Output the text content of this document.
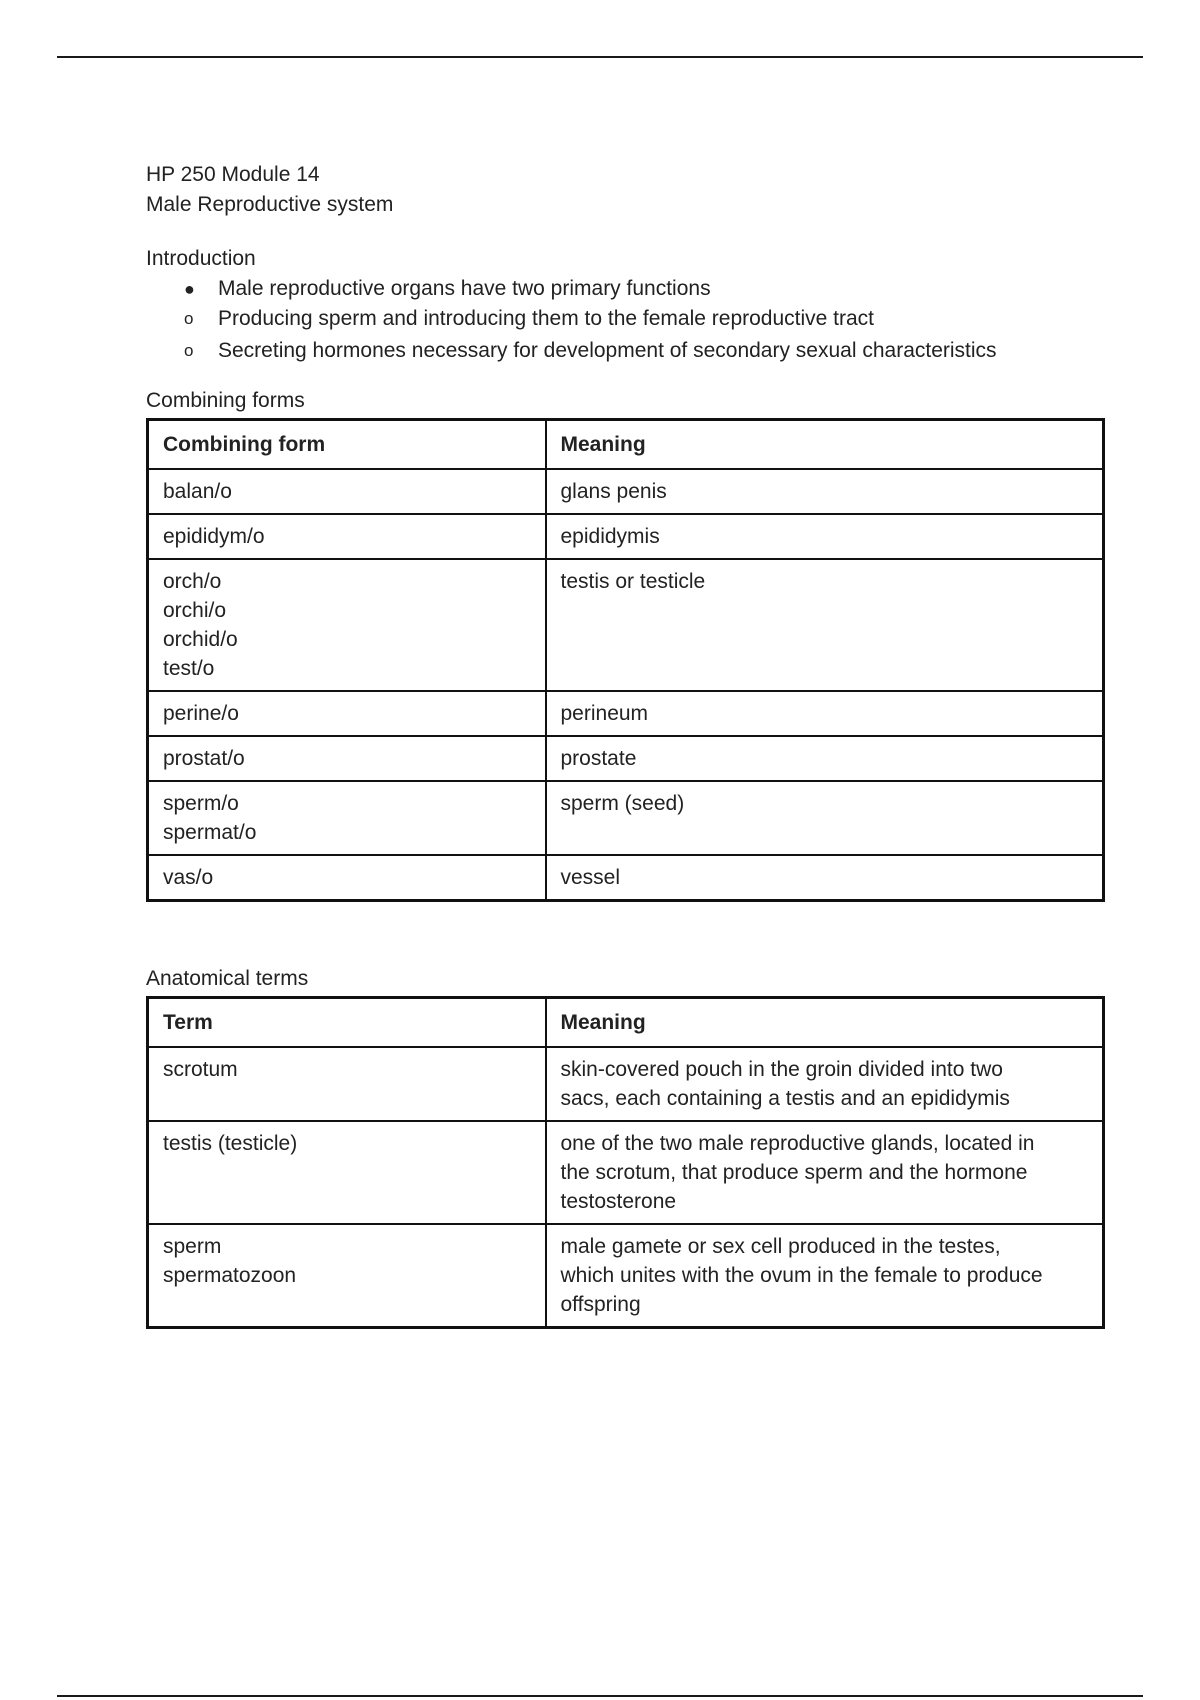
HP 250 Module 14

Male Reproductive system

Introduction

● Male reproductive organs have two primary functions
o Producing sperm and introducing them to the female reproductive tract
o Secreting hormones necessary for development of secondary sexual characteristics

Combining forms

Combining form	Meaning

balan/o	glans penis

epididym/o	epididymis

orch/o
orchi/o
orchid/o
test/o	testis or testicle

perine/o	perineum

prostat/o	prostate

sperm/o
spermat/o	sperm (seed)

vas/o	vessel

Anatomical terms

Term	Meaning

scrotum	skin-covered pouch in the groin divided into two
sacs, each containing a testis and an epididymis

testis (testicle)	one of the two male reproductive glands, located in
the scrotum, that produce sperm and the hormone
testosterone

sperm
spermatozoon	male gamete or sex cell produced in the testes,
which unites with the ovum in the female to produce
offspring
